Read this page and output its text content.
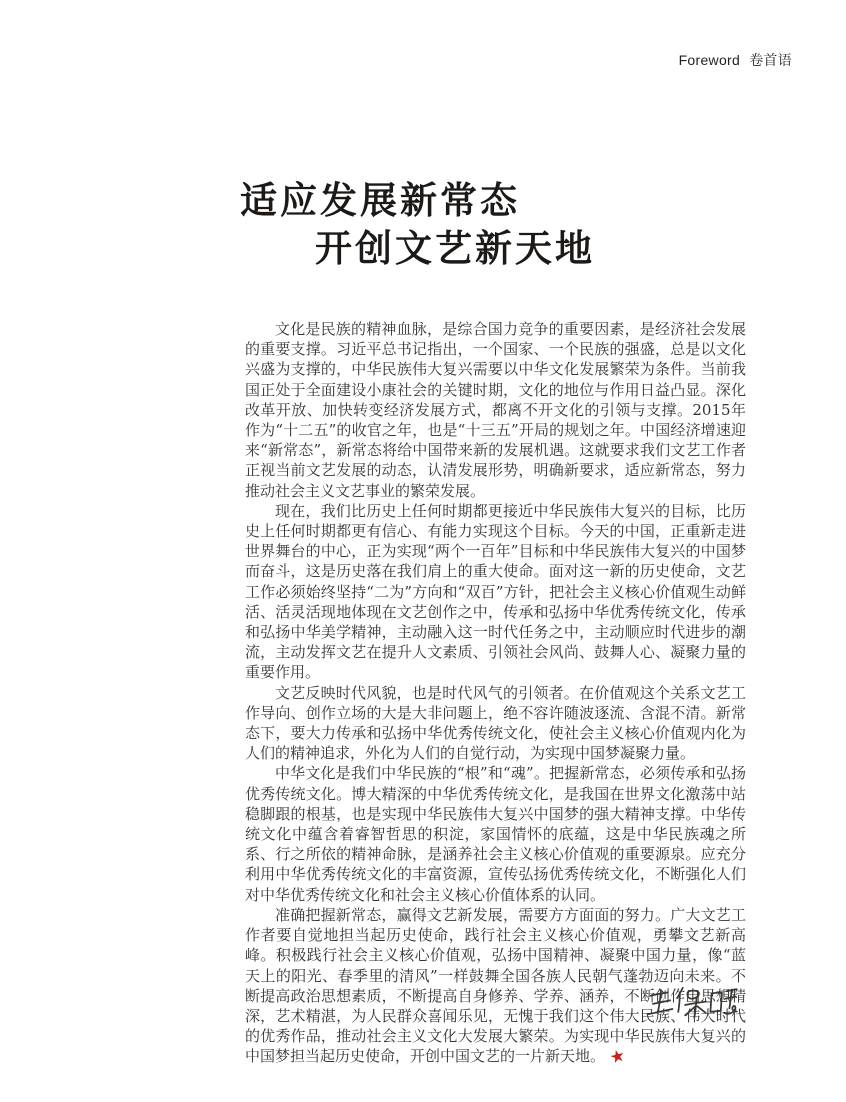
Foreword 卷首语
适应发展新常态
开创文艺新天地

文化是民族的精神血脉，是综合国力竞争的重要因素，是经济社会发展的重要支撑。习近平总书记指出，一个国家、一个民族的强盛，总是以文化兴盛为支撑的，中华民族伟大复兴需要以中华文化发展繁荣为条件。当前我国正处于全面建设小康社会的关键时期，文化的地位与作用日益凸显。深化改革开放、加快转变经济发展方式，都离不开文化的引领与支撑。2015年作为“十二五”的收官之年，也是“十三五”开局的规划之年。中国经济增速迎来“新常态”，新常态将给中国带来新的发展机遇。这就要求我们文艺工作者正视当前文艺发展的动态，认清发展形势，明确新要求，适应新常态，努力推动社会主义文艺事业的繁荣发展。

现在，我们比历史上任何时期都更接近中华民族伟大复兴的目标，比历史上任何时期都更有信心、有能力实现这个目标。今天的中国，正重新走进世界舞台的中心，正为实现“两个一百年”目标和中华民族伟大复兴的中国梦而奋斗，这是历史落在我们肩上的重大使命。面对这一新的历史使命，文艺工作必须始终坚持“二为”方向和“双百”方针，把社会主义核心价值观生动鲜活、活灵活现地体现在文艺创作之中，传承和弘扬中华优秀传统文化，传承和弘扬中华美学精神，主动融入这一时代任务之中，主动顺应时代进步的潮流，主动发挥文艺在提升人文素质、引领社会风尚、鼓舞人心、凝聚力量的重要作用。

文艺反映时代风貌，也是时代风气的引领者。在价值观这个关系文艺工作导向、创作立场的大是大非问题上，绝不容许随波逐流、含混不清。新常态下，要大力传承和弘扬中华优秀传统文化，使社会主义核心价值观内化为人们的精神追求，外化为人们的自觉行动，为实现中国梦凝聚力量。

中华文化是我们中华民族的“根”和“魂”。把握新常态，必须传承和弘扬优秀传统文化。博大精深的中华优秀传统文化，是我国在世界文化激荡中站稳脚跟的根基，也是实现中华民族伟大复兴中国梦的强大精神支撑。中华传统文化中蕴含着睿智哲思的积淀，家国情怀的底蕴，这是中华民族魂之所系、行之所依的精神命脉，是涵养社会主义核心价值观的重要源泉。应充分利用中华优秀传统文化的丰富资源，宣传弘扬优秀传统文化，不断强化人们对中华优秀传统文化和社会主义核心价值体系的认同。

准确把握新常态，赢得文艺新发展，需要方方面面的努力。广大文艺工作者要自觉地担当起历史使命，践行社会主义核心价值观，勇攀文艺新高峰。积极践行社会主义核心价值观，弘扬中国精神、凝聚中国力量，像“蓝天上的阳光、春季里的清风”一样鼓舞全国各族人民朝气蓬勃迈向未来。不断提高政治思想素质，不断提高自身修养、学养、涵养，不断创作出思想精深，艺术精湛，为人民群众喜闻乐见，无愧于我们这个伟大民族、伟大时代的优秀作品，推动社会主义文化大发展大繁荣。为实现中华民族伟大复兴的中国梦担当起历史使命，开创中国文艺的一片新天地。 ★
